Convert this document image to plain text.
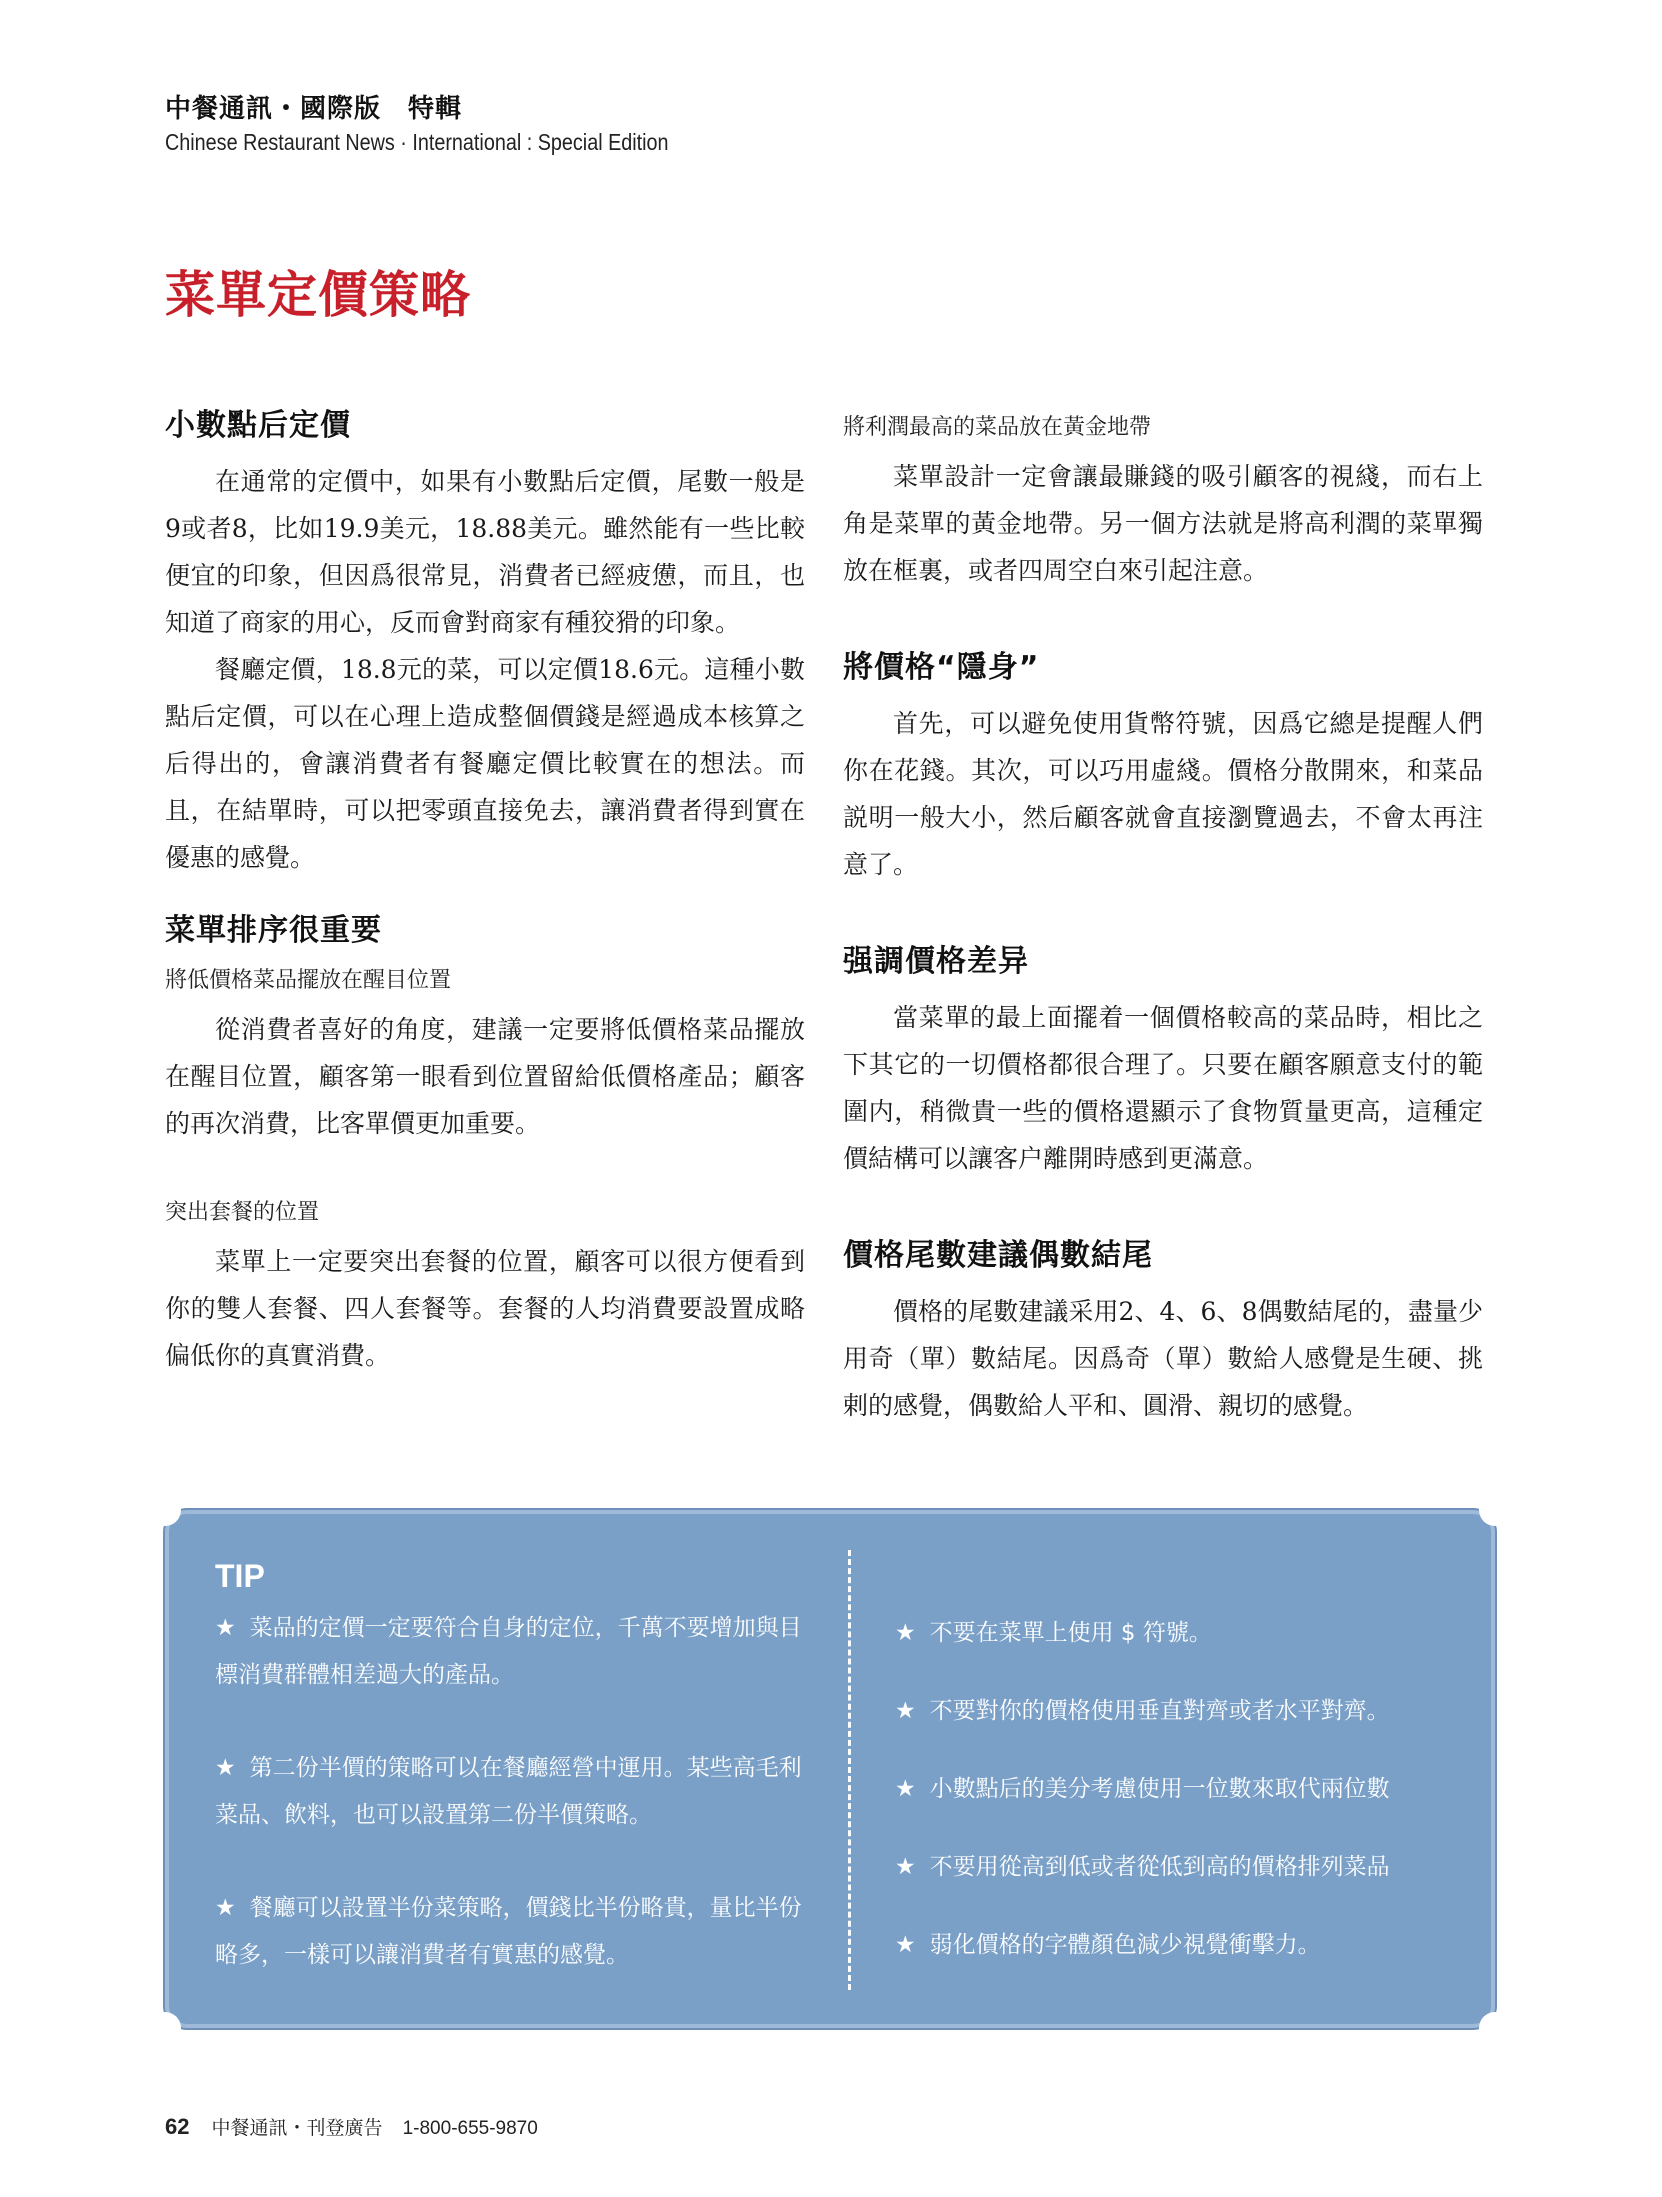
中餐通訊・國際版　特輯
Chinese Restaurant News · International : Special Edition
菜單定價策略
小數點后定價

在通常的定價中，如果有小數點后定價，尾數一般是9或者8，比如19.9美元，18.88美元。雖然能有一些比較便宜的印象，但因爲很常見，消費者已經疲憊，而且，也知道了商家的用心，反而會對商家有種狡猾的印象。

餐廳定價，18.8元的菜，可以定價18.6元。這種小數點后定價，可以在心理上造成整個價錢是經過成本核算之后得出的，會讓消費者有餐廳定價比較實在的想法。而且，在結單時，可以把零頭直接免去，讓消費者得到實在優惠的感覺。

菜單排序很重要
將低價格菜品擺放在醒目位置

從消費者喜好的角度，建議一定要將低價格菜品擺放在醒目位置，顧客第一眼看到位置留給低價格產品；顧客的再次消費，比客單價更加重要。

突出套餐的位置

菜單上一定要突出套餐的位置，顧客可以很方便看到你的雙人套餐、四人套餐等。套餐的人均消費要設置成略偏低你的真實消費。

將利潤最高的菜品放在黃金地帶

菜單設計一定會讓最賺錢的吸引顧客的視綫，而右上角是菜單的黃金地帶。另一個方法就是將高利潤的菜單獨放在框裏，或者四周空白來引起注意。

將價格“隱身”

首先，可以避免使用貨幣符號，因爲它總是提醒人們你在花錢。其次，可以巧用虛綫。價格分散開來，和菜品説明一般大小，然后顧客就會直接瀏覽過去，不會太再注意了。

强調價格差异

當菜單的最上面擺着一個價格較高的菜品時，相比之下其它的一切價格都很合理了。只要在顧客願意支付的範圍内，稍微貴一些的價格還顯示了食物質量更高，這種定價結構可以讓客户離開時感到更滿意。

價格尾數建議偶數結尾

價格的尾數建議采用2、4、6、8偶數結尾的，盡量少用奇（單）數結尾。因爲奇（單）數給人感覺是生硬、挑剌的感覺，偶數給人平和、圓滑、親切的感覺。

TIP
★ 菜品的定價一定要符合自身的定位，千萬不要增加與目標消費群體相差過大的產品。
★ 第二份半價的策略可以在餐廳經營中運用。某些高毛利菜品、飲料，也可以設置第二份半價策略。
★ 餐廳可以設置半份菜策略，價錢比半份略貴，量比半份略多，一樣可以讓消費者有實惠的感覺。
★ 不要在菜單上使用 $ 符號。
★ 不要對你的價格使用垂直對齊或者水平對齊。
★ 小數點后的美分考慮使用一位數來取代兩位數
★ 不要用從高到低或者從低到高的價格排列菜品
★ 弱化價格的字體顏色減少視覺衝擊力。
62 中餐通訊・刊登廣告 1-800-655-9870
